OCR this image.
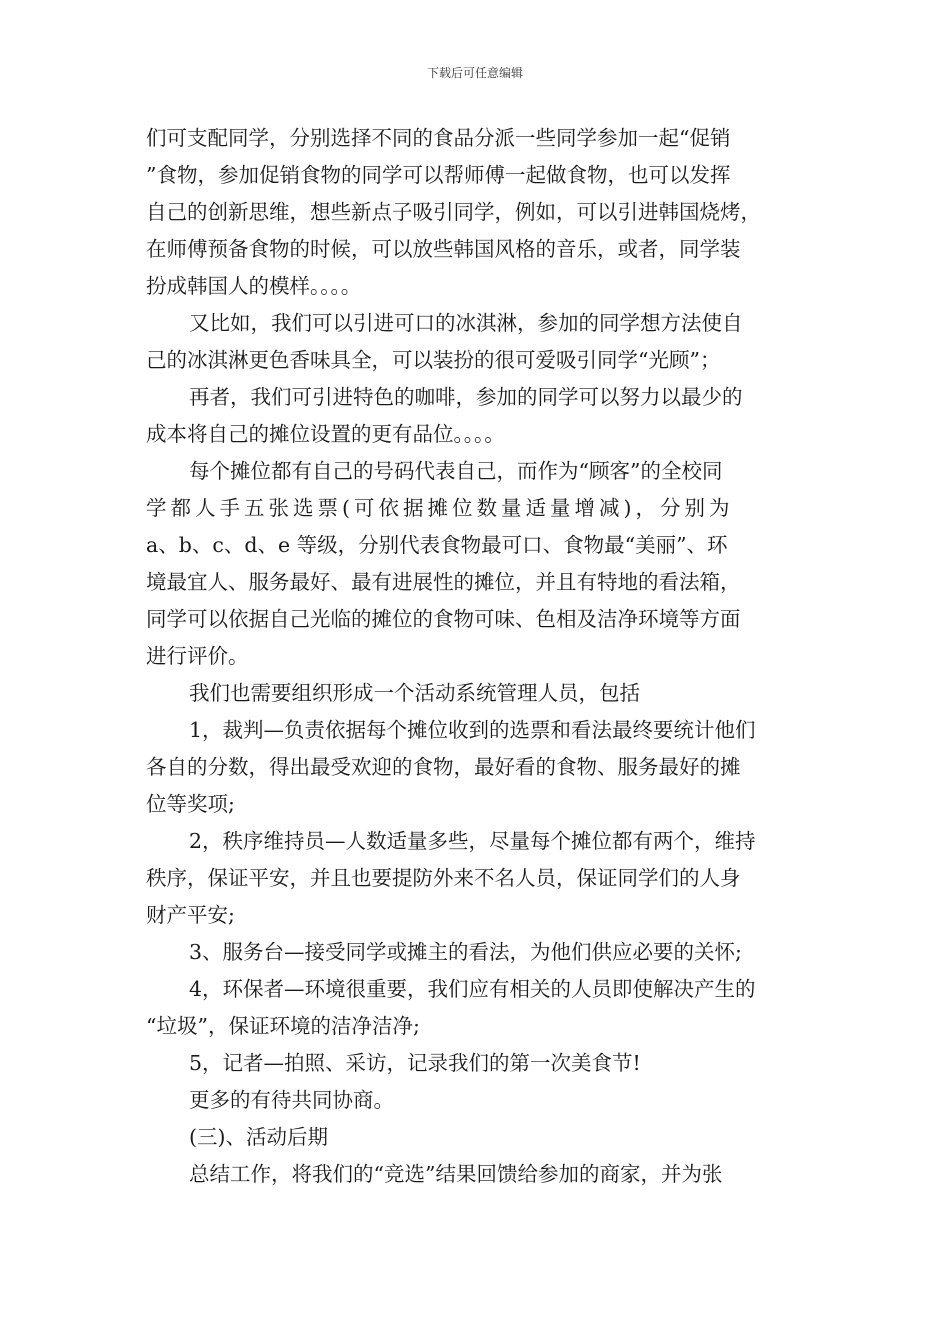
下载后可任意编辑
们可支配同学，分别选择不同的食品分派一些同学参加一起“促销
”食物，参加促销食物的同学可以帮师傅一起做食物，也可以发挥
自己的创新思维，想些新点子吸引同学，例如，可以引进韩国烧烤，
在师傅预备食物的时候，可以放些韩国风格的音乐，或者，同学装
扮成韩国人的模样。。。。
又比如，我们可以引进可口的冰淇淋，参加的同学想方法使自
己的冰淇淋更色香味具全，可以装扮的很可爱吸引同学“光顾”；
再者，我们可引进特色的咖啡，参加的同学可以努力以最少的
成本将自己的摊位设置的更有品位。。。。
每个摊位都有自己的号码代表自己，而作为“顾客”的全校同
学都人手五张选票(可依据摊位数量适量增减)，分别为
a、b、c、d、e 等级，分别代表食物最可口、食物最“美丽”、环
境最宜人、服务最好、最有进展性的摊位，并且有特地的看法箱，
同学可以依据自己光临的摊位的食物可味、色相及洁净环境等方面
进行评价。
我们也需要组织形成一个活动系统管理人员，包括
1，裁判—负责依据每个摊位收到的选票和看法最终要统计他们
各自的分数，得出最受欢迎的食物，最好看的食物、服务最好的摊
位等奖项;
2，秩序维持员—人数适量多些，尽量每个摊位都有两个，维持
秩序，保证平安，并且也要提防外来不名人员，保证同学们的人身
财产平安;
3、服务台—接受同学或摊主的看法，为他们供应必要的关怀;
4，环保者—环境很重要，我们应有相关的人员即使解决产生的
“垃圾”，保证环境的洁净洁净;
5，记者—拍照、采访，记录我们的第一次美食节!
更多的有待共同协商。
(三)、活动后期
总结工作，将我们的“竞选”结果回馈给参加的商家，并为张
